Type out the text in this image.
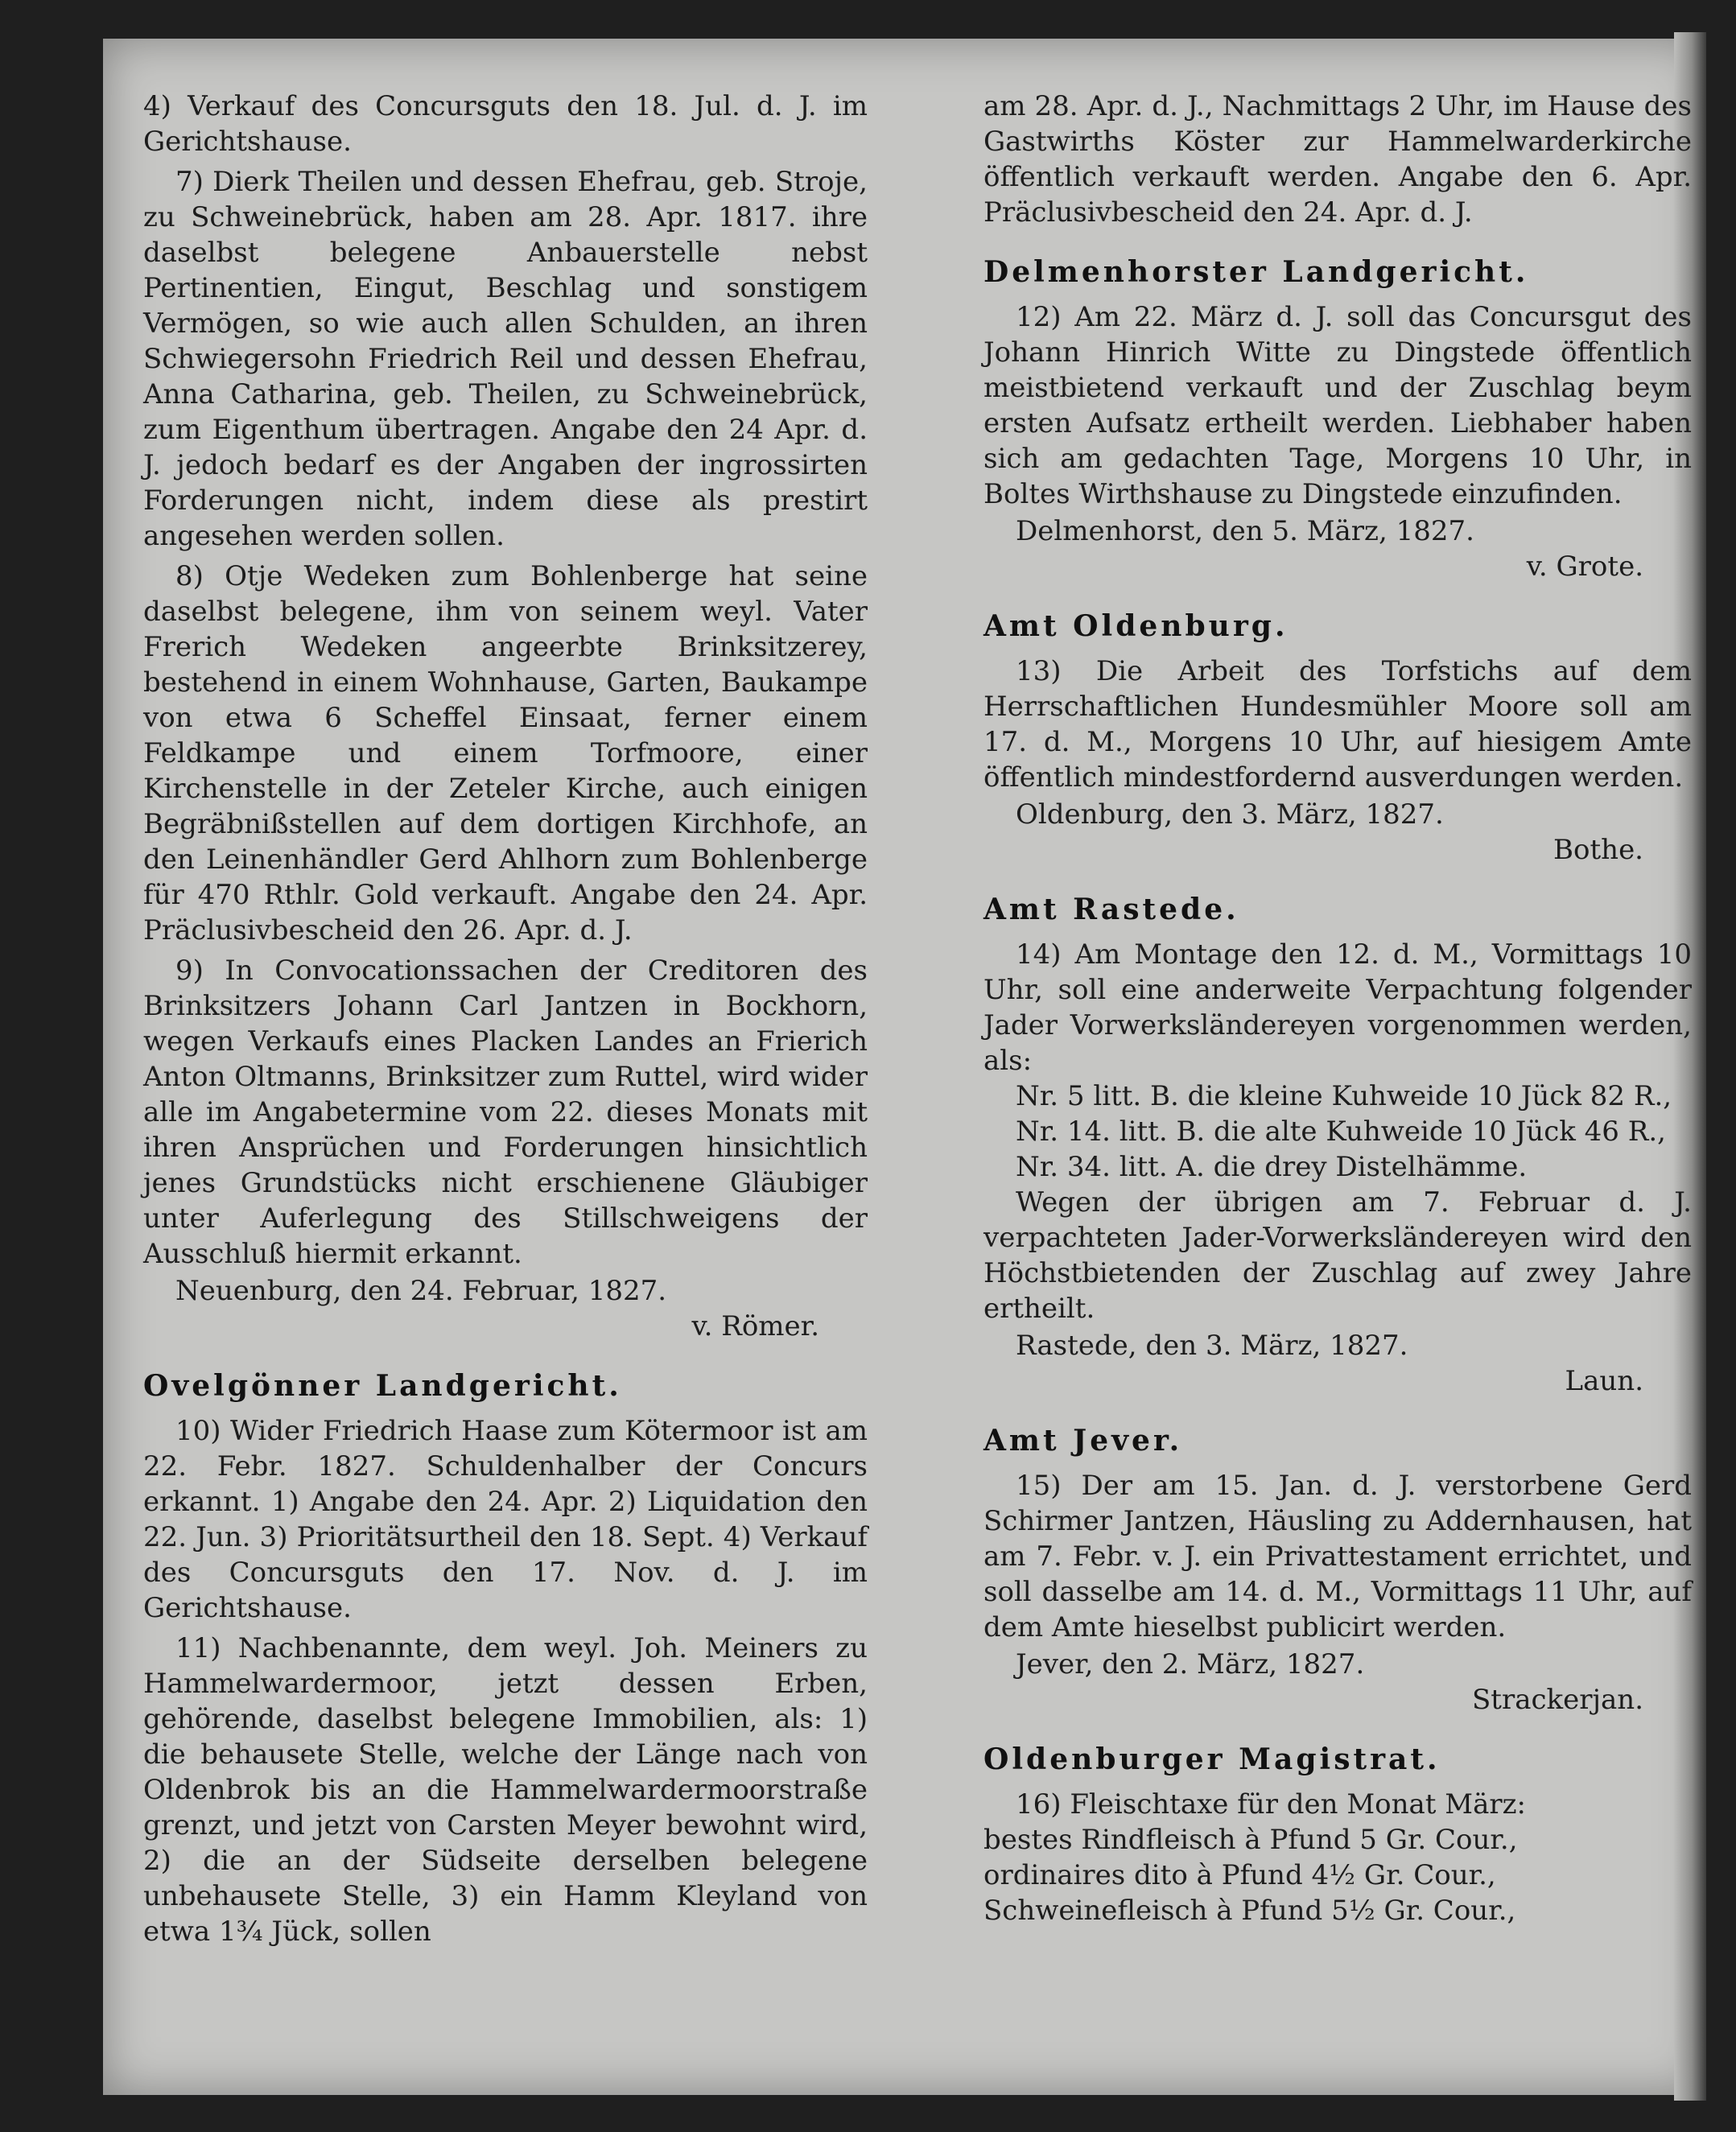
4) Verkauf des Concursguts den 18. Jul. d. J. im Gerichtshause.

7) Dierk Theilen und dessen Ehefrau, geb. Stroje, zu Schweinebrück, haben am 28. Apr. 1817. ihre daselbst belegene Anbauerstelle nebst Pertinentien, Eingut, Beschlag und sonstigem Vermögen, so wie auch allen Schulden, an ihren Schwiegersohn Friedrich Reil und dessen Ehefrau, Anna Catharina, geb. Theilen, zu Schweinebrück, zum Eigenthum übertragen. Angabe den 24 Apr. d. J. jedoch bedarf es der Angaben der ingrossirten Forderungen nicht, indem diese als prestirt angesehen werden sollen.

8) Otje Wedeken zum Bohlenberge hat seine daselbst belegene, ihm von seinem weyl. Vater Frerich Wedeken angeerbte Brinksitzerey, bestehend in einem Wohnhause, Garten, Baukampe von etwa 6 Scheffel Einsaat, ferner einem Feldkampe und einem Torfmoore, einer Kirchenstelle in der Zeteler Kirche, auch einigen Begräbnißstellen auf dem dortigen Kirchhofe, an den Leinenhändler Gerd Ahlhorn zum Bohlenberge für 470 Rthlr. Gold verkauft. Angabe den 24. Apr. Präclusivbescheid den 26. Apr. d. J.

9) In Convocationssachen der Creditoren des Brinksitzers Johann Carl Jantzen in Bockhorn, wegen Verkaufs eines Placken Landes an Frierich Anton Oltmanns, Brinksitzer zum Ruttel, wird wider alle im Angabetermine vom 22. dieses Monats mit ihren Ansprüchen und Forderungen hinsichtlich jenes Grundstücks nicht erschienene Gläubiger unter Auferlegung des Stillschweigens der Ausschluß hiermit erkannt.

Neuenburg, den 24. Februar, 1827.

v. Römer.

Ovelgönner Landgericht.

10) Wider Friedrich Haase zum Kötermoor ist am 22. Febr. 1827. Schuldenhalber der Concurs erkannt. 1) Angabe den 24. Apr. 2) Liquidation den 22. Jun. 3) Prioritätsurtheil den 18. Sept. 4) Verkauf des Concursguts den 17. Nov. d. J. im Gerichtshause.

11) Nachbenannte, dem weyl. Joh. Meiners zu Hammelwardermoor, jetzt dessen Erben, gehörende, daselbst belegene Immobilien, als: 1) die behausete Stelle, welche der Länge nach von Oldenbrok bis an die Hammelwardermoorstraße grenzt, und jetzt von Carsten Meyer bewohnt wird, 2) die an der Südseite derselben belegene unbehausete Stelle, 3) ein Hamm Kleyland von etwa 1¾ Jück, sollen

am 28. Apr. d. J., Nachmittags 2 Uhr, im Hause des Gastwirths Köster zur Hammelwarderkirche öffentlich verkauft werden. Angabe den 6. Apr. Präclusivbescheid den 24. Apr. d. J.

Delmenhorster Landgericht.

12) Am 22. März d. J. soll das Concursgut des Johann Hinrich Witte zu Dingstede öffentlich meistbietend verkauft und der Zuschlag beym ersten Aufsatz ertheilt werden. Liebhaber haben sich am gedachten Tage, Morgens 10 Uhr, in Boltes Wirthshause zu Dingstede einzufinden.

Delmenhorst, den 5. März, 1827.

v. Grote.

Amt Oldenburg.

13) Die Arbeit des Torfstichs auf dem Herrschaftlichen Hundesmühler Moore soll am 17. d. M., Morgens 10 Uhr, auf hiesigem Amte öffentlich mindestfordernd ausverdungen werden.

Oldenburg, den 3. März, 1827.

Bothe.

Amt Rastede.

14) Am Montage den 12. d. M., Vormittags 10 Uhr, soll eine anderweite Verpachtung folgender Jader Vorwerksländereyen vorgenommen werden, als:

Nr. 5 litt. B. die kleine Kuhweide 10 Jück 82 R.,

Nr. 14. litt. B. die alte Kuhweide 10 Jück 46 R.,

Nr. 34. litt. A. die drey Distelhämme.

Wegen der übrigen am 7. Februar d. J. verpachteten Jader-Vorwerksländereyen wird den Höchstbietenden der Zuschlag auf zwey Jahre ertheilt.

Rastede, den 3. März, 1827.

Laun.

Amt Jever.

15) Der am 15. Jan. d. J. verstorbene Gerd Schirmer Jantzen, Häusling zu Addernhausen, hat am 7. Febr. v. J. ein Privattestament errichtet, und soll dasselbe am 14. d. M., Vormittags 11 Uhr, auf dem Amte hieselbst publicirt werden.

Jever, den 2. März, 1827.

Strackerjan.

Oldenburger Magistrat.

16) Fleischtaxe für den Monat März:

bestes Rindfleisch à Pfund 5 Gr. Cour.,

ordinaires dito à Pfund 4½ Gr. Cour.,

Schweinefleisch à Pfund 5½ Gr. Cour.,
